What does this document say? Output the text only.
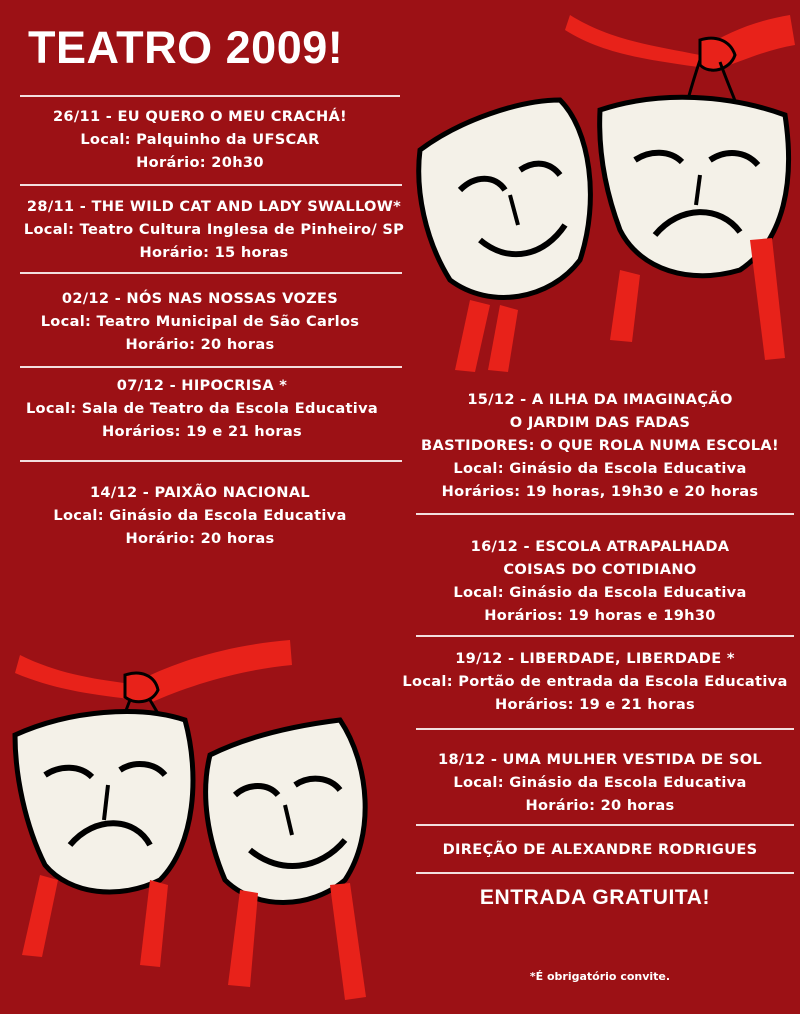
TEATRO 2009!
26/11 - EU QUERO O MEU CRACHÁ!
Local: Palquinho da UFSCAR
Horário: 20h30
28/11 - THE WILD CAT AND LADY SWALLOW*
Local: Teatro Cultura Inglesa de Pinheiro/ SP
Horário: 15 horas
02/12 - NÓS NAS NOSSAS VOZES
Local: Teatro Municipal de São Carlos
Horário: 20 horas
07/12 - HIPOCRISA *
Local: Sala de Teatro da Escola Educativa
Horários: 19 e 21 horas
14/12 - PAIXÃO NACIONAL
Local: Ginásio da Escola Educativa
Horário: 20 horas
15/12 - A ILHA DA IMAGINAÇÃO
O JARDIM DAS FADAS
BASTIDORES: O QUE ROLA NUMA ESCOLA!
Local: Ginásio da Escola Educativa
Horários: 19 horas, 19h30 e 20 horas
16/12 - ESCOLA ATRAPALHADA
COISAS DO COTIDIANO
Local: Ginásio da Escola Educativa
Horários: 19 horas e 19h30
19/12 - LIBERDADE, LIBERDADE *
Local: Portão de entrada da Escola Educativa
Horários: 19 e 21 horas
18/12 - UMA MULHER VESTIDA DE SOL
Local: Ginásio da Escola Educativa
Horário: 20 horas
DIREÇÃO DE ALEXANDRE RODRIGUES
ENTRADA GRATUITA!
*É obrigatório convite.
